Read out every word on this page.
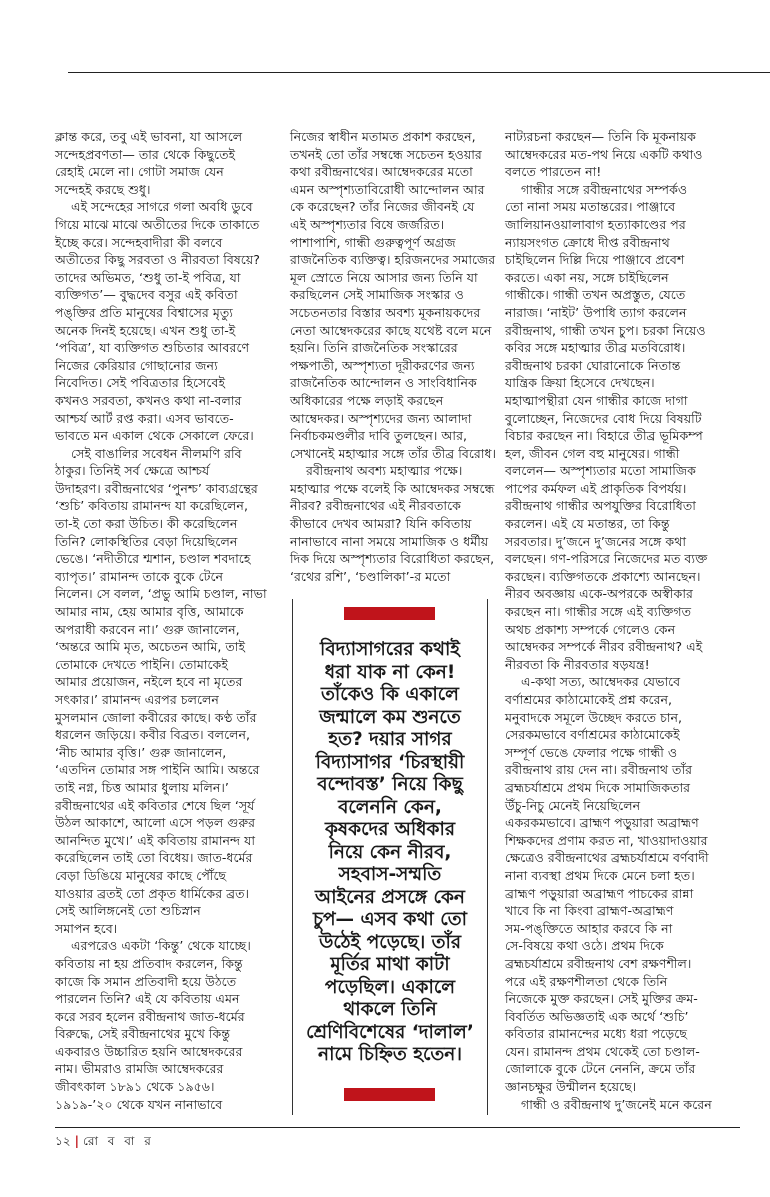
ক্লান্ত করে, তবু এই ভাবনা, যা আসলে
সন্দেহপ্রবণতা— তার থেকে কিছুতেই
রেহাই মেলে না। গোটা সমাজ যেন
সন্দেহই করছে শুধু।
এই সন্দেহের সাগরে গলা অবধি ডুবে
গিয়ে মাঝে মাঝে অতীতের দিকে তাকাতে
ইচ্ছে করে। সন্দেহবাদীরা কী বলবে
অতীতের কিছু সরবতা ও নীরবতা বিষয়ে?
তাদের অভিমত, ‘শুধু তা-ই পবিত্র, যা
ব্যক্তিগত’— বুদ্ধদেব বসুর এই কবিতা
পঙ্‌ক্তির প্রতি মানুষের বিশ্বাসের মৃত্যু
অনেক দিনই হয়েছে। এখন শুধু তা-ই
‘পবিত্র’, যা ব্যক্তিগত শুচিতার আবরণে
নিজের কেরিয়ার গোছানোর জন্য
নিবেদিত। সেই পবিত্রতার হিসেবেই
কখনও সরবতা, কখনও কথা না-বলার
আশ্চর্য আর্ট রপ্ত করা। এসব ভাবতে-
ভাবতে মন একাল থেকে সেকালে ফেরে।
সেই বাঙালির সবেধন নীলমণি রবি
ঠাকুর। তিনিই সর্ব ক্ষেত্রে আশ্চর্য
উদাহরণ। রবীন্দ্রনাথের ‘পুনশ্চ’ কাব্যগ্রন্থের
‘শুচি’ কবিতায় রামানন্দ যা করেছিলেন,
তা-ই তো করা উচিত। কী করেছিলেন
তিনি? লোকস্থিতির বেড়া দিয়েছিলেন
ভেঙে। ‘নদীতীরে শ্মশান, চণ্ডাল শবদাহে
ব্যাপৃত।’ রামানন্দ তাকে বুকে টেনে
নিলেন। সে বলল, ‘প্রভু আমি চণ্ডাল, নাভা
আমার নাম, হেয় আমার বৃত্তি, আমাকে
অপরাধী করবেন না।’ গুরু জানালেন,
‘অন্তরে আমি মৃত, অচেতন আমি, তাই
তোমাকে দেখতে পাইনি। তোমাকেই
আমার প্রয়োজন, নইলে হবে না মৃতের
সৎকার।’ রামানন্দ এরপর চললেন
মুসলমান জোলা কবীরের কাছে। কণ্ঠ তাঁর
ধরলেন জড়িয়ে। কবীর বিব্রত। বললেন,
‘নীচ আমার বৃত্তি।’ গুরু জানালেন,
‘এতদিন তোমার সঙ্গ পাইনি আমি। অন্তরে
তাই নগ্ন, চিত্ত আমার ধুলায় মলিন।’
রবীন্দ্রনাথের এই কবিতার শেষে ছিল ‘সূর্য
উঠল আকাশে, আলো এসে পড়ল গুরুর
আনন্দিত মুখে।’ এই কবিতায় রামানন্দ যা
করেছিলেন তাই তো বিধেয়। জাত-ধর্মের
বেড়া ডিঙিয়ে মানুষের কাছে পৌঁছে
যাওয়ার ব্রতই তো প্রকৃত ধার্মিকের ব্রত।
সেই আলিঙ্গনেই তো শুচিস্নান
সমাপন হবে।
এরপরেও একটা ‘কিন্তু’ থেকে যাচ্ছে।
কবিতায় না হয় প্রতিবাদ করলেন, কিন্তু
কাজে কি সমান প্রতিবাদী হয়ে উঠতে
পারলেন তিনি? এই যে কবিতায় এমন
করে সরব হলেন রবীন্দ্রনাথ জাত-ধর্মের
বিরুদ্ধে, সেই রবীন্দ্রনাথের মুখে কিন্তু
একবারও উচ্চারিত হয়নি আম্বেদকরের
নাম। ভীমরাও রামজি আম্বেদকরের
জীবৎকাল ১৮৯১ থেকে ১৯৫৬।
১৯১৯-’২০ থেকে যখন নানাভাবে
নিজের স্বাধীন মতামত প্রকাশ করছেন,
তখনই তো তাঁর সম্বন্ধে সচেতন হওয়ার
কথা রবীন্দ্রনাথের। আম্বেদকরের মতো
এমন অস্পৃশ্যতাবিরোধী আন্দোলন আর
কে করেছেন? তাঁর নিজের জীবনই যে
এই অস্পৃশ্যতার বিষে জর্জরিত।
পাশাপাশি, গান্ধী গুরুত্বপূর্ণ অগ্রজ
রাজনৈতিক ব্যক্তিত্ব। হরিজনদের সমাজের
মূল স্রোতে নিয়ে আসার জন্য তিনি যা
করছিলেন সেই সামাজিক সংস্কার ও
সচেতনতার বিস্তার অবশ্য মূকনায়কদের
নেতা আম্বেদকরের কাছে যথেষ্ট বলে মনে
হয়নি। তিনি রাজনৈতিক সংস্কারের
পক্ষপাতী, অস্পৃশ্যতা দূরীকরণের জন্য
রাজনৈতিক আন্দোলন ও সাংবিধানিক
অধিকারের পক্ষে লড়াই করছেন
আম্বেদকর। অস্পৃশ্যদের জন্য আলাদা
নির্বাচকমণ্ডলীর দাবি তুলছেন। আর,
সেখানেই মহাত্মার সঙ্গে তাঁর তীব্র বিরোধ।
রবীন্দ্রনাথ অবশ্য মহাত্মার পক্ষে।
মহাত্মার পক্ষে বলেই কি আম্বেদকর সম্বন্ধে
নীরব? রবীন্দ্রনাথের এই নীরবতাকে
কীভাবে দেখব আমরা? যিনি কবিতায়
নানাভাবে নানা সময়ে সামাজিক ও ধর্মীয়
দিক দিয়ে অস্পৃশ্যতার বিরোধিতা করছেন,
‘রথের রশি’, ‘চণ্ডালিকা’-র মতো
নাট্যরচনা করছেন— তিনি কি মূকনায়ক
আম্বেদকরের মত-পথ নিয়ে একটি কথাও
বলতে পারতেন না!
গান্ধীর সঙ্গে রবীন্দ্রনাথের সম্পর্কও
তো নানা সময় মতান্তরের। পাঞ্জাবে
জালিয়ানওয়ালাবাগ হত্যাকাণ্ডের পর
ন্যায়সংগত ক্রোধে দীপ্ত রবীন্দ্রনাথ
চাইছিলেন দিল্লি দিয়ে পাঞ্জাবে প্রবেশ
করতে। একা নয়, সঙ্গে চাইছিলেন
গান্ধীকে। গান্ধী তখন অপ্রস্তুত, যেতে
নারাজ। ‘নাইট’ উপাধি ত্যাগ করলেন
রবীন্দ্রনাথ, গান্ধী তখন চুপ। চরকা নিয়েও
কবির সঙ্গে মহাত্মার তীব্র মতবিরোধ।
রবীন্দ্রনাথ চরকা ঘোরানোকে নিতান্ত
যান্ত্রিক ক্রিয়া হিসেবে দেখছেন।
মহাত্মাপন্থীরা যেন গান্ধীর কাজে দাগা
বুলোচ্ছেন, নিজেদের বোধ দিয়ে বিষয়টি
বিচার করছেন না। বিহারে তীব্র ভূমিকম্প
হল, জীবন গেল বহু মানুষের। গান্ধী
বললেন— অস্পৃশ্যতার মতো সামাজিক
পাপের কর্মফল এই প্রাকৃতিক বিপর্যয়।
রবীন্দ্রনাথ গান্ধীর অপযুক্তির বিরোধিতা
করলেন। এই যে মতান্তর, তা কিন্তু
সরবতার। দু’জনে দু’জনের সঙ্গে কথা
বলছেন। গণ-পরিসরে নিজেদের মত ব্যক্ত
করছেন। ব্যক্তিগতকে প্রকাশ্যে আনছেন।
নীরব অবজ্ঞায় একে-অপরকে অস্বীকার
করছেন না। গান্ধীর সঙ্গে এই ব্যক্তিগত
অথচ প্রকাশ্য সম্পর্কে গেলেও কেন
আম্বেদকর সম্পর্কে নীরব রবীন্দ্রনাথ? এই
নীরবতা কি নীরবতার ষড়যন্ত্র!
এ-কথা সত্য, আম্বেদকর যেভাবে
বর্ণাশ্রমের কাঠামোকেই প্রশ্ন করেন,
মনুবাদকে সমূলে উচ্ছেদ করতে চান,
সেরকমভাবে বর্ণাশ্রমের কাঠামোকেই
সম্পূর্ণ ভেঙে ফেলার পক্ষে গান্ধী ও
রবীন্দ্রনাথ রায় দেন না। রবীন্দ্রনাথ তাঁর
ব্রহ্মচর্যাশ্রমে প্রথম দিকে সামাজিকতার
উঁচু-নিচু মেনেই নিয়েছিলেন
একরকমভাবে। ব্রাহ্মণ পড়ুয়ারা অব্রাহ্মণ
শিক্ষকদের প্রণাম করত না, খাওয়াদাওয়ার
ক্ষেত্রেও রবীন্দ্রনাথের ব্রহ্মচর্যাশ্রমে বর্ণবাদী
নানা ব্যবস্থা প্রথম দিকে মেনে চলা হত।
ব্রাহ্মণ পড়ুয়ারা অব্রাহ্মণ পাচকের রান্না
খাবে কি না কিংবা ব্রাহ্মণ-অব্রাহ্মণ
সম-পঙ্‌ক্তিতে আহার করবে কি না
সে-বিষয়ে কথা ওঠে। প্রথম দিকে
ব্রহ্মচর্যাশ্রমে রবীন্দ্রনাথ বেশ রক্ষণশীল।
পরে এই রক্ষণশীলতা থেকে তিনি
নিজেকে মুক্ত করছেন। সেই মুক্তির ক্রম-
বিবর্তিত অভিজ্ঞতাই এক অর্থে ‘শুচি’
কবিতার রামানন্দের মধ্যে ধরা পড়েছে
যেন। রামানন্দ প্রথম থেকেই তো চণ্ডাল-
জোলাকে বুকে টেনে নেননি, ক্রমে তাঁর
জ্ঞানচক্ষুর উন্মীলন হয়েছে।
গান্ধী ও রবীন্দ্রনাথ দু’জনেই মনে করেন
বিদ্যাসাগরের কথাই
ধরা যাক না কেন!
তাঁকেও কি একালে
জন্মালে কম শুনতে
হত? দয়ার সাগর
বিদ্যাসাগর ‘চিরস্থায়ী
বন্দোবস্ত’ নিয়ে কিছু
বলেননি কেন,
কৃষকদের অধিকার
নিয়ে কেন নীরব,
সহবাস-সম্মতি
আইনের প্রসঙ্গে কেন
চুপ— এসব কথা তো
উঠেই পড়েছে। তাঁর
মূর্তির মাথা কাটা
পড়েছিল। একালে
থাকলে তিনি
শ্রেণিবিশেষের ‘দালাল’
নামে চিহ্নিত হতেন।
১২ | রো ব বা র
